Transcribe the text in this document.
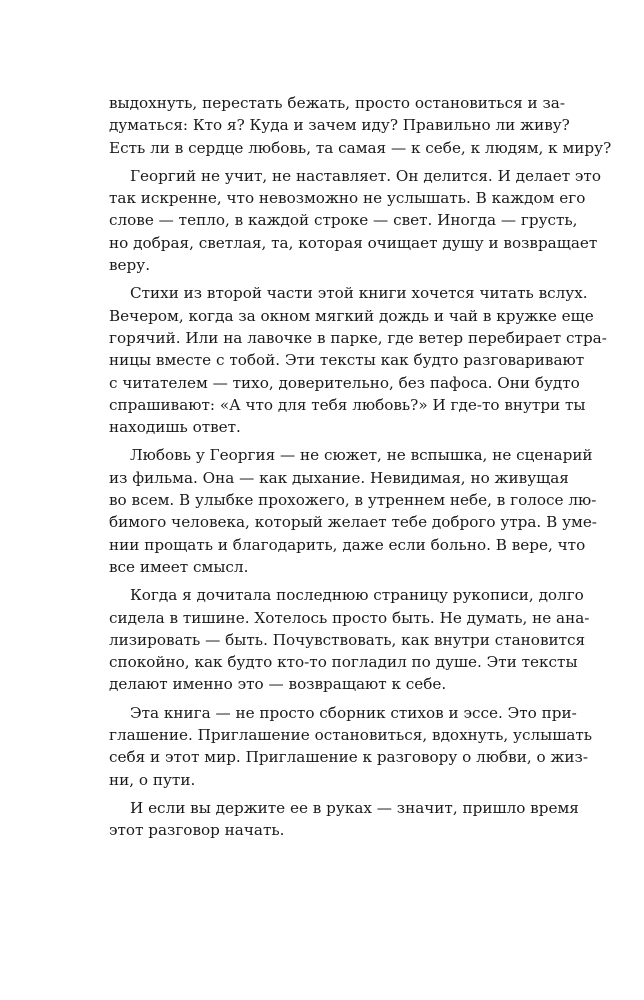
выдохнуть, перестать бежать, просто остановиться и за-
думаться: Кто я? Куда и зачем иду? Правильно ли живу?
Есть ли в сердце любовь, та самая — к себе, к людям, к миру?
Георгий не учит, не наставляет. Он делится. И делает это
так искренне, что невозможно не услышать. В каждом его
слове — тепло, в каждой строке — свет. Иногда — грусть,
но добрая, светлая, та, которая очищает душу и возвращает
веру.
Стихи из второй части этой книги хочется читать вслух.
Вечером, когда за окном мягкий дождь и чай в кружке еще
горячий. Или на лавочке в парке, где ветер перебирает стра-
ницы вместе с тобой. Эти тексты как будто разговаривают
с читателем — тихо, доверительно, без пафоса. Они будто
спрашивают: «А что для тебя любовь?» И где-то внутри ты
находишь ответ.
Любовь у Георгия — не сюжет, не вспышка, не сценарий
из фильма. Она — как дыхание. Невидимая, но живущая
во всем. В улыбке прохожего, в утреннем небе, в голосе лю-
бимого человека, который желает тебе доброго утра. В уме-
нии прощать и благодарить, даже если больно. В вере, что
все имеет смысл.
Когда я дочитала последнюю страницу рукописи, долго
сидела в тишине. Хотелось просто быть. Не думать, не ана-
лизировать — быть. Почувствовать, как внутри становится
спокойно, как будто кто-то погладил по душе. Эти тексты
делают именно это — возвращают к себе.
Эта книга — не просто сборник стихов и эссе. Это при-
глашение. Приглашение остановиться, вдохнуть, услышать
себя и этот мир. Приглашение к разговору о любви, о жиз-
ни, о пути.
И если вы держите ее в руках — значит, пришло время
этот разговор начать.
